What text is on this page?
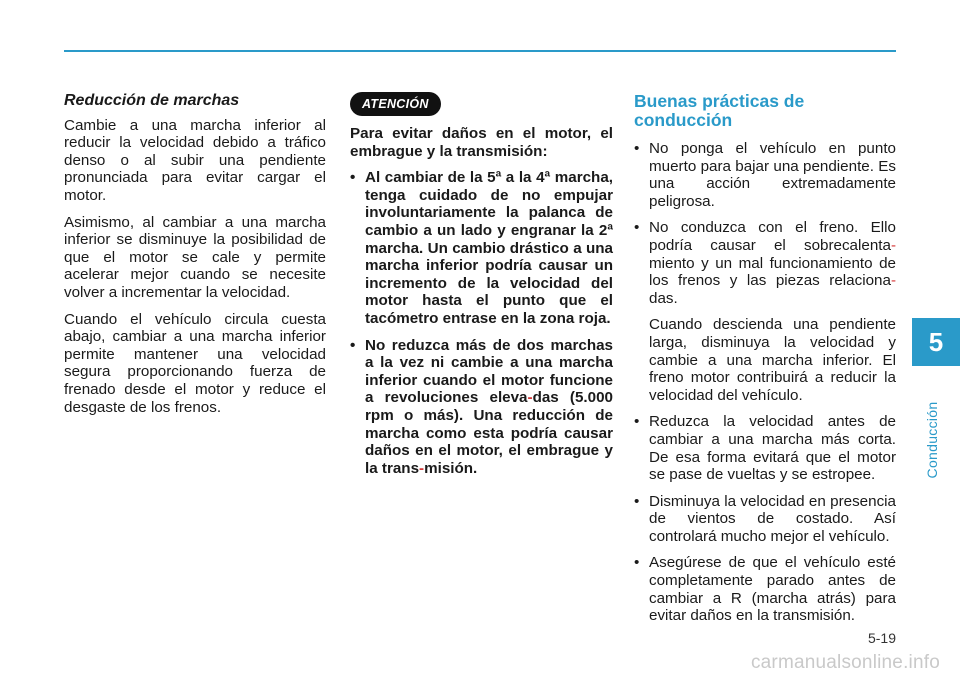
Reducción de marchas

Cambie a una marcha inferior al reducir la velocidad debido a tráfico denso o al subir una pendiente pronunciada para evitar cargar el motor.

Asimismo, al cambiar a una marcha inferior se disminuye la posibilidad de que el motor se cale y permite acelerar mejor cuando se necesite volver a incrementar la velocidad.

Cuando el vehículo circula cuesta abajo, cambiar a una marcha inferior permite mantener una velocidad segura proporcionando fuerza de frenado desde el motor y reduce el desgaste de los frenos.

ATENCIÓN
Para evitar daños en el motor, el embrague y la transmisión:
• Al cambiar de la 5ª a la 4ª marcha, tenga cuidado de no empujar involuntariamente la palanca de cambio a un lado y engranar la 2ª marcha. Un cambio drástico a una marcha inferior podría causar un incremento de la velocidad del motor hasta el punto que el tacómetro entrase en la zona roja.
• No reduzca más de dos marchas a la vez ni cambie a una marcha inferior cuando el motor funcione a revoluciones eleva-das (5.000 rpm o más). Una reducción de marcha como esta podría causar daños en el motor, el embrague y la trans-misión.
Buenas prácticas de conducción

• No ponga el vehículo en punto muerto para bajar una pendiente. Es una acción extremadamente peligrosa.

• No conduzca con el freno. Ello podría causar el sobrecalenta-miento y un mal funcionamiento de los frenos y las piezas relaciona-das.

Cuando descienda una pendiente larga, disminuya la velocidad y cambie a una marcha inferior. El freno motor contribuirá a reducir la velocidad del vehículo.

• Reduzca la velocidad antes de cambiar a una marcha más corta. De esa forma evitará que el motor se pase de vueltas y se estropee.

• Disminuya la velocidad en presencia de vientos de costado. Así controlará mucho mejor el vehículo.

• Asegúrese de que el vehículo esté completamente parado antes de cambiar a R (marcha atrás) para evitar daños en la transmisión.

5
Conducción
5-19
carmanualsonline.info
